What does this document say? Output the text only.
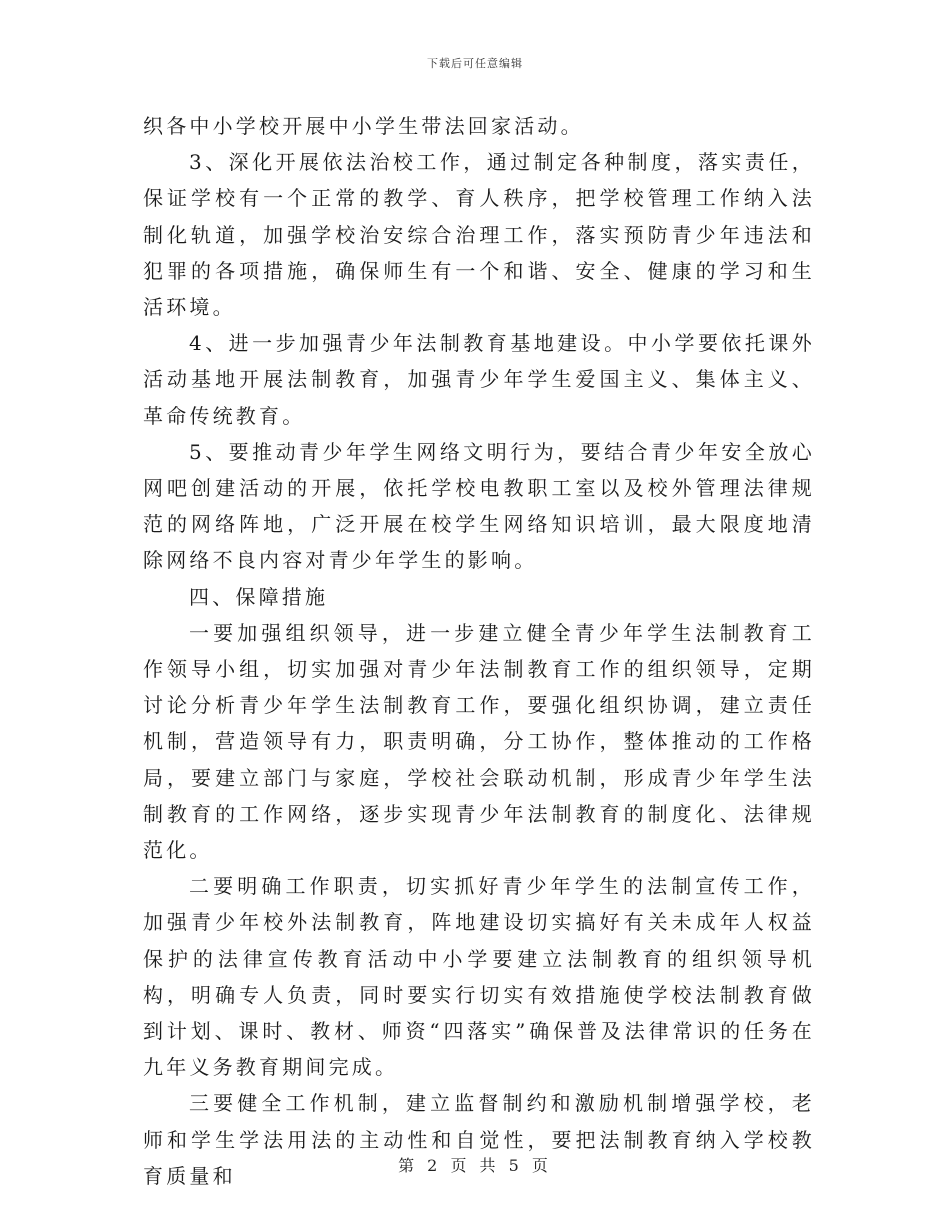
下载后可任意编辑

织各中小学校开展中小学生带法回家活动。

3、深化开展依法治校工作，通过制定各种制度，落实责任，保证学校有一个正常的教学、育人秩序，把学校管理工作纳入法制化轨道，加强学校治安综合治理工作，落实预防青少年违法和犯罪的各项措施，确保师生有一个和谐、安全、健康的学习和生活环境。

4、进一步加强青少年法制教育基地建设。中小学要依托课外活动基地开展法制教育，加强青少年学生爱国主义、集体主义、革命传统教育。

5、要推动青少年学生网络文明行为，要结合青少年安全放心网吧创建活动的开展，依托学校电教职工室以及校外管理法律规范的网络阵地，广泛开展在校学生网络知识培训，最大限度地清除网络不良内容对青少年学生的影响。

四、保障措施

一要加强组织领导，进一步建立健全青少年学生法制教育工作领导小组，切实加强对青少年法制教育工作的组织领导，定期讨论分析青少年学生法制教育工作，要强化组织协调，建立责任机制，营造领导有力，职责明确，分工协作，整体推动的工作格局，要建立部门与家庭，学校社会联动机制，形成青少年学生法制教育的工作网络，逐步实现青少年法制教育的制度化、法律规范化。

二要明确工作职责，切实抓好青少年学生的法制宣传工作，加强青少年校外法制教育，阵地建设切实搞好有关未成年人权益保护的法律宣传教育活动中小学要建立法制教育的组织领导机构，明确专人负责，同时要实行切实有效措施使学校法制教育做到计划、课时、教材、师资“四落实”确保普及法律常识的任务在九年义务教育期间完成。

三要健全工作机制，建立监督制约和激励机制增强学校，老师和学生学法用法的主动性和自觉性，要把法制教育纳入学校教育质量和	第 2 页 共 5 页
